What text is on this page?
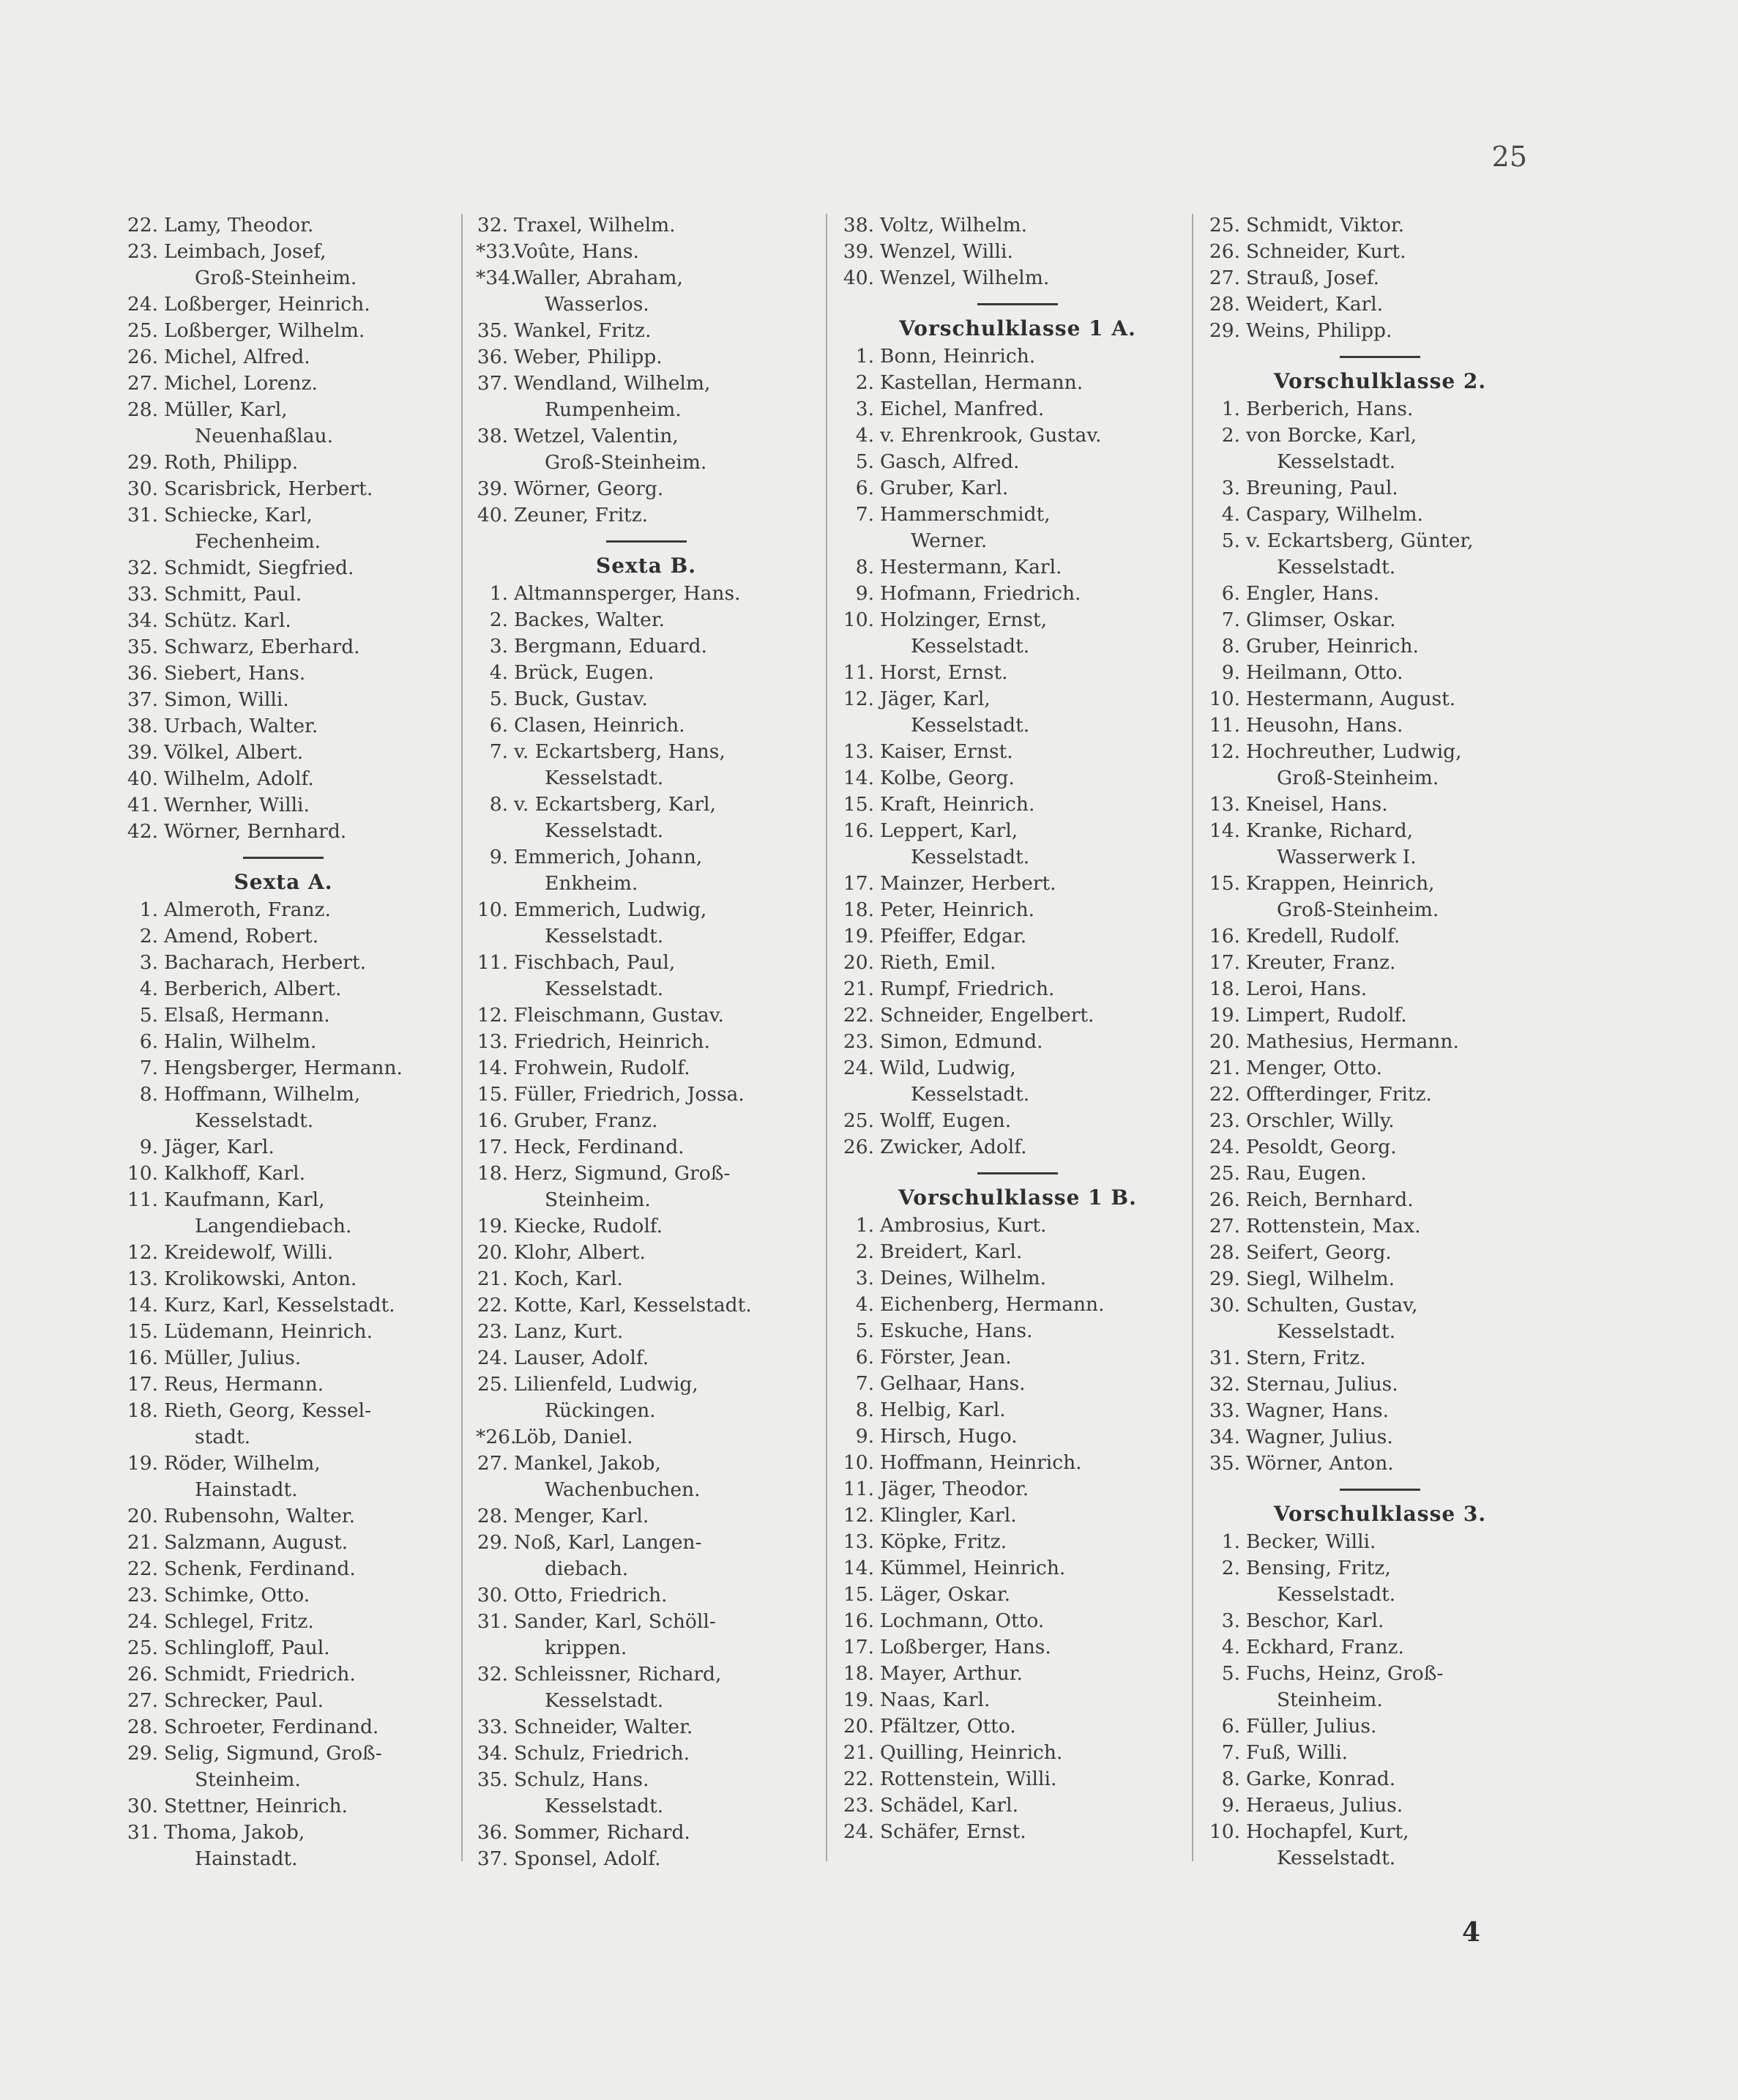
25
22. Lamy, Theodor.
23. Leimbach, Josef,
Groß-Steinheim.
24. Loßberger, Heinrich.
25. Loßberger, Wilhelm.
26. Michel, Alfred.
27. Michel, Lorenz.
28. Müller, Karl,
Neuenhaßlau.
29. Roth, Philipp.
30. Scarisbrick, Herbert.
31. Schiecke, Karl,
Fechenheim.
32. Schmidt, Siegfried.
33. Schmitt, Paul.
34. Schütz. Karl.
35. Schwarz, Eberhard.
36. Siebert, Hans.
37. Simon, Willi.
38. Urbach, Walter.
39. Völkel, Albert.
40. Wilhelm, Adolf.
41. Wernher, Willi.
42. Wörner, Bernhard.
Sexta A.
1. Almeroth, Franz.
2. Amend, Robert.
3. Bacharach, Herbert.
4. Berberich, Albert.
5. Elsaß, Hermann.
6. Halin, Wilhelm.
7. Hengsberger, Hermann.
8. Hoffmann, Wilhelm,
Kesselstadt.
9. Jäger, Karl.
10. Kalkhoff, Karl.
11. Kaufmann, Karl,
Langendiebach.
12. Kreidewolf, Willi.
13. Krolikowski, Anton.
14. Kurz, Karl, Kesselstadt.
15. Lüdemann, Heinrich.
16. Müller, Julius.
17. Reus, Hermann.
18. Rieth, Georg, Kessel-
stadt.
19. Röder, Wilhelm,
Hainstadt.
20. Rubensohn, Walter.
21. Salzmann, August.
22. Schenk, Ferdinand.
23. Schimke, Otto.
24. Schlegel, Fritz.
25. Schlingloff, Paul.
26. Schmidt, Friedrich.
27. Schrecker, Paul.
28. Schroeter, Ferdinand.
29. Selig, Sigmund, Groß-
Steinheim.
30. Stettner, Heinrich.
31. Thoma, Jakob,
Hainstadt.
32. Traxel, Wilhelm.
*33.
Voûte, Hans.
*34.
Waller, Abraham,
Wasserlos.
35. Wankel, Fritz.
36. Weber, Philipp.
37. Wendland, Wilhelm,
Rumpenheim.
38. Wetzel, Valentin,
Groß-Steinheim.
39. Wörner, Georg.
40. Zeuner, Fritz.
Sexta B.
1. Altmannsperger, Hans.
2. Backes, Walter.
3. Bergmann, Eduard.
4. Brück, Eugen.
5. Buck, Gustav.
6. Clasen, Heinrich.
7. v. Eckartsberg, Hans,
Kesselstadt.
8. v. Eckartsberg, Karl,
Kesselstadt.
9. Emmerich, Johann,
Enkheim.
10. Emmerich, Ludwig,
Kesselstadt.
11. Fischbach, Paul,
Kesselstadt.
12. Fleischmann, Gustav.
13. Friedrich, Heinrich.
14. Frohwein, Rudolf.
15. Füller, Friedrich, Jossa.
16. Gruber, Franz.
17. Heck, Ferdinand.
18. Herz, Sigmund, Groß-
Steinheim.
19. Kiecke, Rudolf.
20. Klohr, Albert.
21. Koch, Karl.
22. Kotte, Karl, Kesselstadt.
23. Lanz, Kurt.
24. Lauser, Adolf.
25. Lilienfeld, Ludwig,
Rückingen.
*26.
Löb, Daniel.
27. Mankel, Jakob,
Wachenbuchen.
28. Menger, Karl.
29. Noß, Karl, Langen-
diebach.
30. Otto, Friedrich.
31. Sander, Karl, Schöll-
krippen.
32. Schleissner, Richard,
Kesselstadt.
33. Schneider, Walter.
34. Schulz, Friedrich.
35. Schulz, Hans.
Kesselstadt.
36. Sommer, Richard.
37. Sponsel, Adolf.
38. Voltz, Wilhelm.
39. Wenzel, Willi.
40. Wenzel, Wilhelm.
Vorschulklasse 1 A.
1. Bonn, Heinrich.
2. Kastellan, Hermann.
3. Eichel, Manfred.
4. v. Ehrenkrook, Gustav.
5. Gasch, Alfred.
6. Gruber, Karl.
7. Hammerschmidt,
Werner.
8. Hestermann, Karl.
9. Hofmann, Friedrich.
10. Holzinger, Ernst,
Kesselstadt.
11. Horst, Ernst.
12. Jäger, Karl,
Kesselstadt.
13. Kaiser, Ernst.
14. Kolbe, Georg.
15. Kraft, Heinrich.
16. Leppert, Karl,
Kesselstadt.
17. Mainzer, Herbert.
18. Peter, Heinrich.
19. Pfeiffer, Edgar.
20. Rieth, Emil.
21. Rumpf, Friedrich.
22. Schneider, Engelbert.
23. Simon, Edmund.
24. Wild, Ludwig,
Kesselstadt.
25. Wolff, Eugen.
26. Zwicker, Adolf.
Vorschulklasse 1 B.
1. Ambrosius, Kurt.
2. Breidert, Karl.
3. Deines, Wilhelm.
4. Eichenberg, Hermann.
5. Eskuche, Hans.
6. Förster, Jean.
7. Gelhaar, Hans.
8. Helbig, Karl.
9. Hirsch, Hugo.
10. Hoffmann, Heinrich.
11. Jäger, Theodor.
12. Klingler, Karl.
13. Köpke, Fritz.
14. Kümmel, Heinrich.
15. Läger, Oskar.
16. Lochmann, Otto.
17. Loßberger, Hans.
18. Mayer, Arthur.
19. Naas, Karl.
20. Pfältzer, Otto.
21. Quilling, Heinrich.
22. Rottenstein, Willi.
23. Schädel, Karl.
24. Schäfer, Ernst.
25. Schmidt, Viktor.
26. Schneider, Kurt.
27. Strauß, Josef.
28. Weidert, Karl.
29. Weins, Philipp.
Vorschulklasse 2.
1. Berberich, Hans.
2. von Borcke, Karl,
Kesselstadt.
3. Breuning, Paul.
4. Caspary, Wilhelm.
5. v. Eckartsberg, Günter,
Kesselstadt.
6. Engler, Hans.
7. Glimser, Oskar.
8. Gruber, Heinrich.
9. Heilmann, Otto.
10. Hestermann, August.
11. Heusohn, Hans.
12. Hochreuther, Ludwig,
Groß-Steinheim.
13. Kneisel, Hans.
14. Kranke, Richard,
Wasserwerk I.
15. Krappen, Heinrich,
Groß-Steinheim.
16. Kredell, Rudolf.
17. Kreuter, Franz.
18. Leroi, Hans.
19. Limpert, Rudolf.
20. Mathesius, Hermann.
21. Menger, Otto.
22. Offterdinger, Fritz.
23. Orschler, Willy.
24. Pesoldt, Georg.
25. Rau, Eugen.
26. Reich, Bernhard.
27. Rottenstein, Max.
28. Seifert, Georg.
29. Siegl, Wilhelm.
30. Schulten, Gustav,
Kesselstadt.
31. Stern, Fritz.
32. Sternau, Julius.
33. Wagner, Hans.
34. Wagner, Julius.
35. Wörner, Anton.
Vorschulklasse 3.
1. Becker, Willi.
2. Bensing, Fritz,
Kesselstadt.
3. Beschor, Karl.
4. Eckhard, Franz.
5. Fuchs, Heinz, Groß-
Steinheim.
6. Füller, Julius.
7. Fuß, Willi.
8. Garke, Konrad.
9. Heraeus, Julius.
10. Hochapfel, Kurt,
Kesselstadt.
4
